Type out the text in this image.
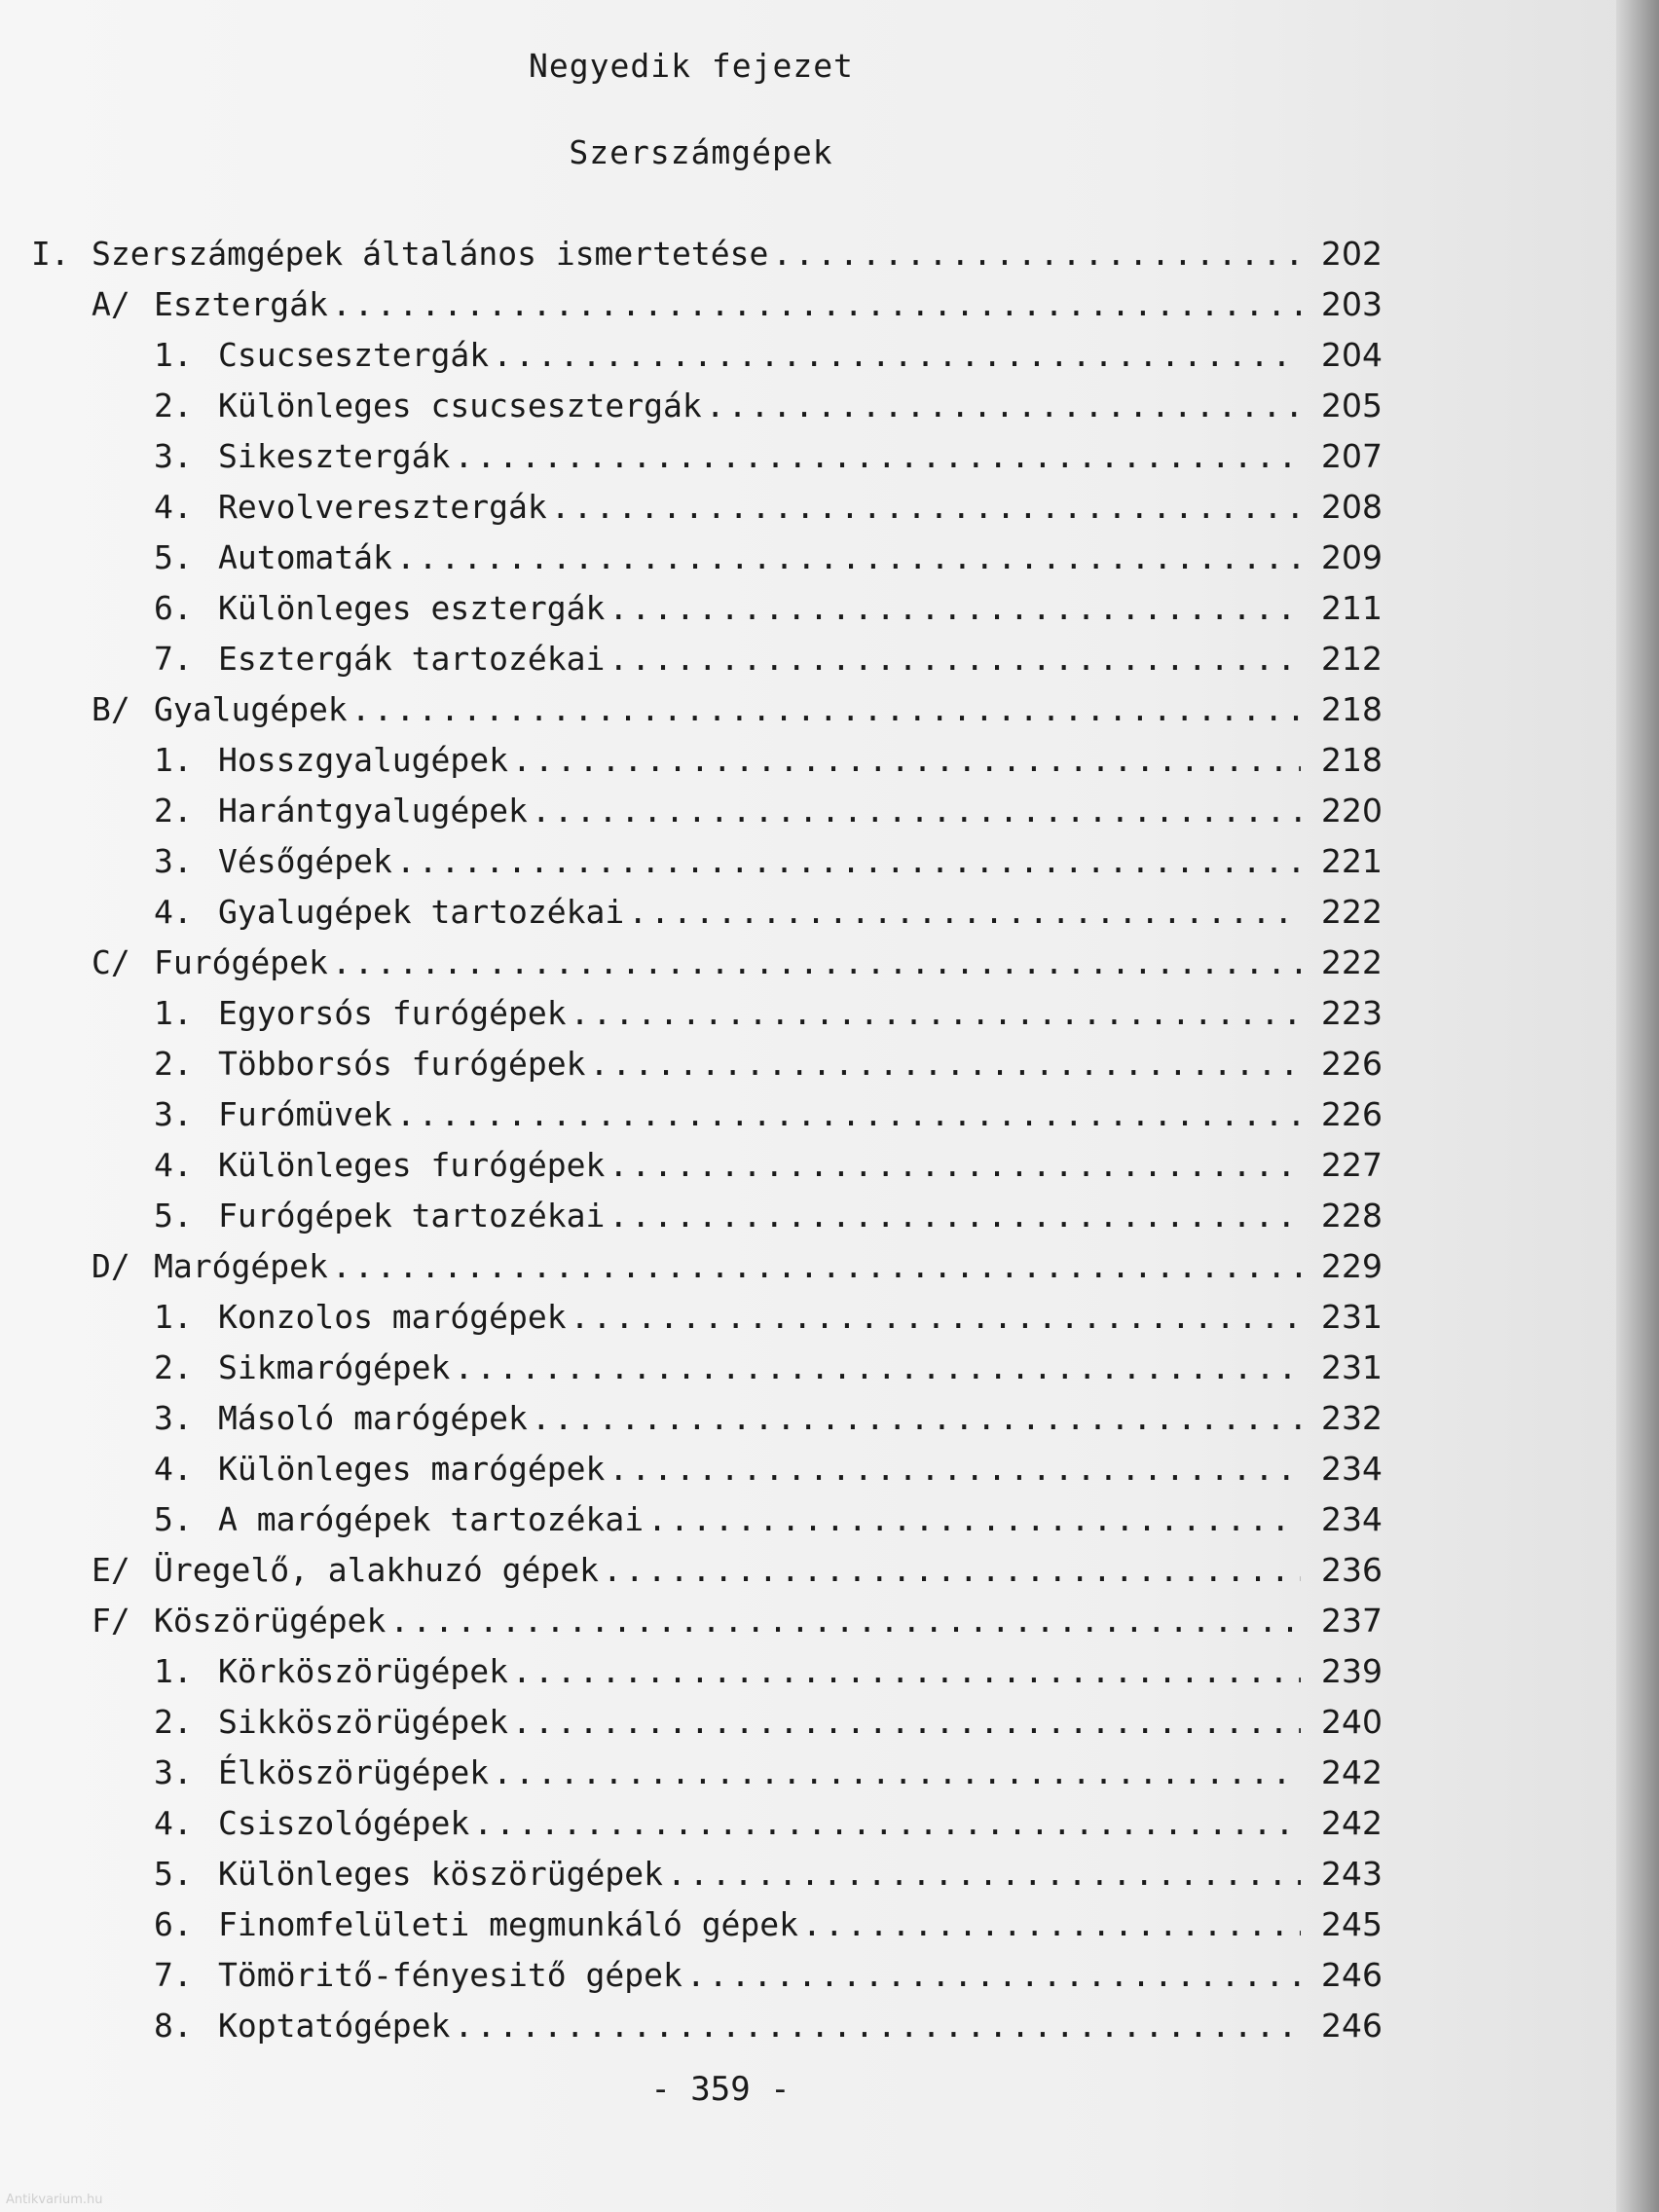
Negyedik fejezet
Szerszámgépek
I. Szerszámgépek általános ismertetése .....	202
A/ Esztergák .....	203
1. Csucsesztergák .....	204
2. Különleges csucsesztergák .....	205
3. Sikesztergák .....	207
4. Revolveresztergák .....	208
5. Automaták .....	209
6. Különleges esztergák .....	211
7. Esztergák tartozékai .....	212
B/ Gyalugépek .....	218
1. Hosszgyalugépek .....	218
2. Harántgyalugépek .....	220
3. Vésőgépek .....	221
4. Gyalugépek tartozékai .....	222
C/ Furógépek .....	222
1. Egyorsós furógépek .....	223
2. Többorsós furógépek .....	226
3. Furómüvek .....	226
4. Különleges furógépek .....	227
5. Furógépek tartozékai .....	228
D/ Marógépek .....	229
1. Konzolos marógépek .....	231
2. Sikmarógépek .....	231
3. Másoló marógépek .....	232
4. Különleges marógépek .....	234
5. A marógépek tartozékai .....	234
E/ Üregelő, alakhuzó gépek .....	236
F/ Köszörügépek .....	237
1. Körköszörügépek .....	239
2. Sikköszörügépek .....	240
3. Élköszörügépek .....	242
4. Csiszológépek .....	242
5. Különleges köszörügépek .....	243
6. Finomfelületi megmunkáló gépek .....	245
7. Tömöritő-fényesitő gépek .....	246
8. Koptatógépek .....	246
- 359 -
Antikvarium.hu
